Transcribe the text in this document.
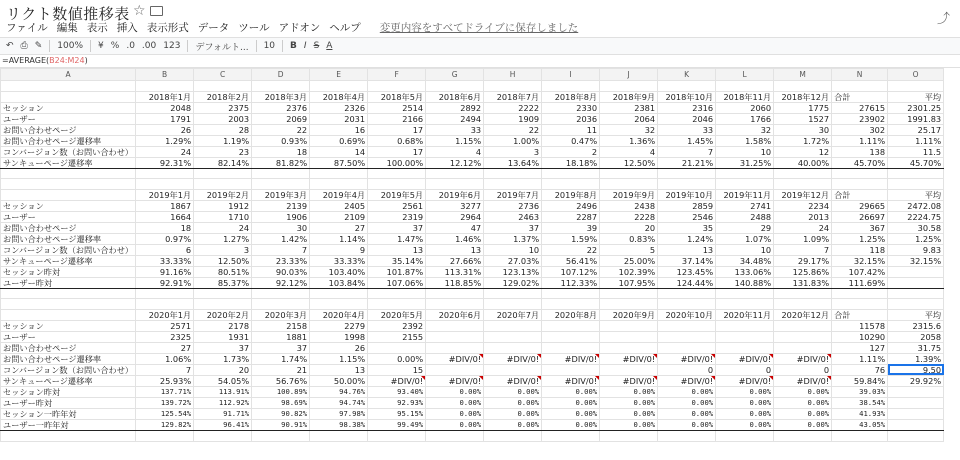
リクト数値推移表 ☆
⤴
ファイル 編集 表示 挿入 表示形式 データ ツール アドオン ヘルプ 変更内容をすべてドライブに保存しました
↶ ⎙ ✎ 100% ¥ % .0 .00 123 デフォルト... 10 B I S A
=AVERAGE(B24:M24)
A	B	C	D	E	F	G	H	I	J	K	L	M	N	O

	2018年1月	2018年2月	2018年3月	2018年4月	2018年5月	2018年6月	2018年7月	2018年8月	2018年9月	2018年10月	2018年11月	2018年12月	合計	平均
セッション	2048	2375	2376	2326	2514	2892	2222	2330	2381	2316	2060	1775	27615	2301.25
ユーザー	1791	2003	2069	2031	2166	2494	1909	2036	2064	2046	1766	1527	23902	1991.83
お問い合わせページ	26	28	22	16	17	33	22	11	32	33	32	30	302	25.17
お問い合わせページ遷移率	1.29%	1.19%	0.93%	0.69%	0.68%	1.15%	1.00%	0.47%	1.36%	1.45%	1.58%	1.72%	1.11%	1.11%
コンバージョン数（お問い合わせ）	24	23	18	14	17	4	3	2	4	7	10	12	138	11.5
サンキューページ遷移率	92.31%	82.14%	81.82%	87.50%	100.00%	12.12%	13.64%	18.18%	12.50%	21.21%	31.25%	40.00%	45.70%	45.70%

	2019年1月	2019年2月	2019年3月	2019年4月	2019年5月	2019年6月	2019年7月	2019年8月	2019年9月	2019年10月	2019年11月	2019年12月	合計	平均
セッション	1867	1912	2139	2405	2561	3277	2736	2496	2438	2859	2741	2234	29665	2472.08
ユーザー	1664	1710	1906	2109	2319	2964	2463	2287	2228	2546	2488	2013	26697	2224.75
お問い合わせページ	18	24	30	27	37	47	37	39	20	35	29	24	367	30.58
お問い合わせページ遷移率	0.97%	1.27%	1.42%	1.14%	1.47%	1.46%	1.37%	1.59%	0.83%	1.24%	1.07%	1.09%	1.25%	1.25%
コンバージョン数（お問い合わせ）	6	3	7	9	13	13	10	22	5	13	10	7	118	9.83
サンキューページ遷移率	33.33%	12.50%	23.33%	33.33%	35.14%	27.66%	27.03%	56.41%	25.00%	37.14%	34.48%	29.17%	32.15%	32.15%
セッション昨対	91.16%	80.51%	90.03%	103.40%	101.87%	113.31%	123.13%	107.12%	102.39%	123.45%	133.06%	125.86%	107.42%	
ユーザー昨対	92.91%	85.37%	92.12%	103.84%	107.06%	118.85%	129.02%	112.33%	107.95%	124.44%	140.88%	131.83%	111.69%	

	2020年1月	2020年2月	2020年3月	2020年4月	2020年5月	2020年6月	2020年7月	2020年8月	2020年9月	2020年10月	2020年11月	2020年12月	合計	平均
セッション	2571	2178	2158	2279	2392								11578	2315.6
ユーザー	2325	1931	1881	1998	2155								10290	2058
お問い合わせページ	27	37	37	26									127	31.75
お問い合わせページ遷移率	1.06%	1.73%	1.74%	1.15%	0.00%	#DIV/0!	#DIV/0!	#DIV/0!	#DIV/0!	#DIV/0!	#DIV/0!	#DIV/0!	1.11%	1.39%
コンバージョン数（お問い合わせ）	7	20	21	13	15					0	0	0	76	9.50
サンキューページ遷移率	25.93%	54.05%	56.76%	50.00%	#DIV/0!	#DIV/0!	#DIV/0!	#DIV/0!	#DIV/0!	#DIV/0!	#DIV/0!	#DIV/0!	59.84%	29.92%
セッション昨対	137.71%	113.91%	100.89%	94.76%	93.40%	0.00%	0.00%	0.00%	0.00%	0.00%	0.00%	0.00%	39.03%	
ユーザー昨対	139.72%	112.92%	98.69%	94.74%	92.93%	0.00%	0.00%	0.00%	0.00%	0.00%	0.00%	0.00%	38.54%	
セッション一昨年対	125.54%	91.71%	90.82%	97.98%	95.15%	0.00%	0.00%	0.00%	0.00%	0.00%	0.00%	0.00%	41.93%	
ユーザー一昨年対	129.82%	96.41%	90.91%	98.38%	99.49%	0.00%	0.00%	0.00%	0.00%	0.00%	0.00%	0.00%	43.05%	
